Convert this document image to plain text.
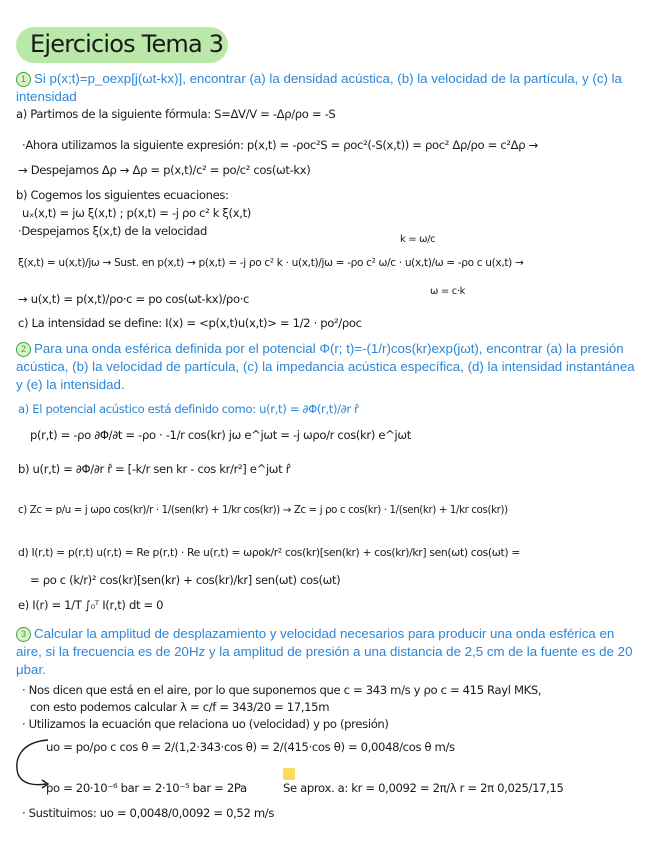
Ejercicios Tema 3
1 Si p(x;t)=p_oexp[j(ωt-kx)], encontrar (a) la densidad acústica, (b) la velocidad de la partícula, y (c) la intensidad
a) Partimos de la siguiente fórmula: S=ΔV/V = -Δρ/ρo = -S
·Ahora utilizamos la siguiente expresión: p(x,t) = -ρoc²S = ρoc²(-S(x,t)) = ρoc² Δρ/ρo = c²Δρ →
→ Despejamos Δρ → Δρ = p(x,t)/c² = po/c² cos(ωt-kx)
b) Cogemos los siguientes ecuaciones:
uₓ(x,t) = jω ξ(x,t) ; p(x,t) = -j ρo c² k ξ(x,t)
·Despejamos ξ(x,t) de la velocidad
k = ω/c
ξ(x,t) = u(x,t)/jω → Sust. en p(x,t) → p(x,t) = -j ρo c² k · u(x,t)/jω = -ρo c² ω/c · u(x,t)/ω = -ρo c u(x,t) →
ω = c·k
→ u(x,t) = p(x,t)/ρo·c = po cos(ωt-kx)/ρo·c
c) La intensidad se define: I(x) = <p(x,t)u(x,t)> = 1/2 · po²/ρoc
2 Para una onda esférica definida por el potencial Φ(r; t)=-(1/r)cos(kr)exp(jωt), encontrar (a) la presión acústica, (b) la velocidad de partícula, (c) la impedancia acústica específica, (d) la intensidad instantánea y (e) la intensidad.
a) El potencial acústico está definido como: u(r,t) = ∂Φ(r,t)/∂r r̂
p(r,t) = -ρo ∂Φ/∂t = -ρo · -1/r cos(kr) jω e^jωt = -j ωρo/r cos(kr) e^jωt
b) u(r,t) = ∂Φ/∂r r̂ = [-k/r sen kr - cos kr/r²] e^jωt r̂
c) Zc = p/u = j ωρo cos(kr)/r · 1/(sen(kr) + 1/kr cos(kr)) → Zc = j ρo c cos(kr) · 1/(sen(kr) + 1/kr cos(kr))
d) I(r,t) = p(r,t) u(r,t) = Re p(r,t) · Re u(r,t) = ωρok/r² cos(kr)[sen(kr) + cos(kr)/kr] sen(ωt) cos(ωt) =
= ρo c (k/r)² cos(kr)[sen(kr) + cos(kr)/kr] sen(ωt) cos(ωt)
e) I(r) = 1/T ∫₀ᵀ I(r,t) dt = 0
3 Calcular la amplitud de desplazamiento y velocidad necesarios para producir una onda esférica en aire, si la frecuencia es de 20Hz y la amplitud de presión a una distancia de 2,5 cm de la fuente es de 20 μbar.
· Nos dicen que está en el aire, por lo que suponemos que c = 343 m/s y ρo c = 415 Rayl MKS,
con esto podemos calcular λ = c/f = 343/20 = 17,15m
· Utilizamos la ecuación que relaciona uo (velocidad) y po (presión)
uo = po/ρo c cos θ = 2/(1,2·343·cos θ) = 2/(415·cos θ) = 0,0048/cos θ m/s
po = 20·10⁻⁶ bar = 2·10⁻⁵ bar = 2Pa	Se aprox. a: kr = 0,0092 = 2π/λ r = 2π 0,025/17,15
· Sustituimos: uo = 0,0048/0,0092 = 0,52 m/s
